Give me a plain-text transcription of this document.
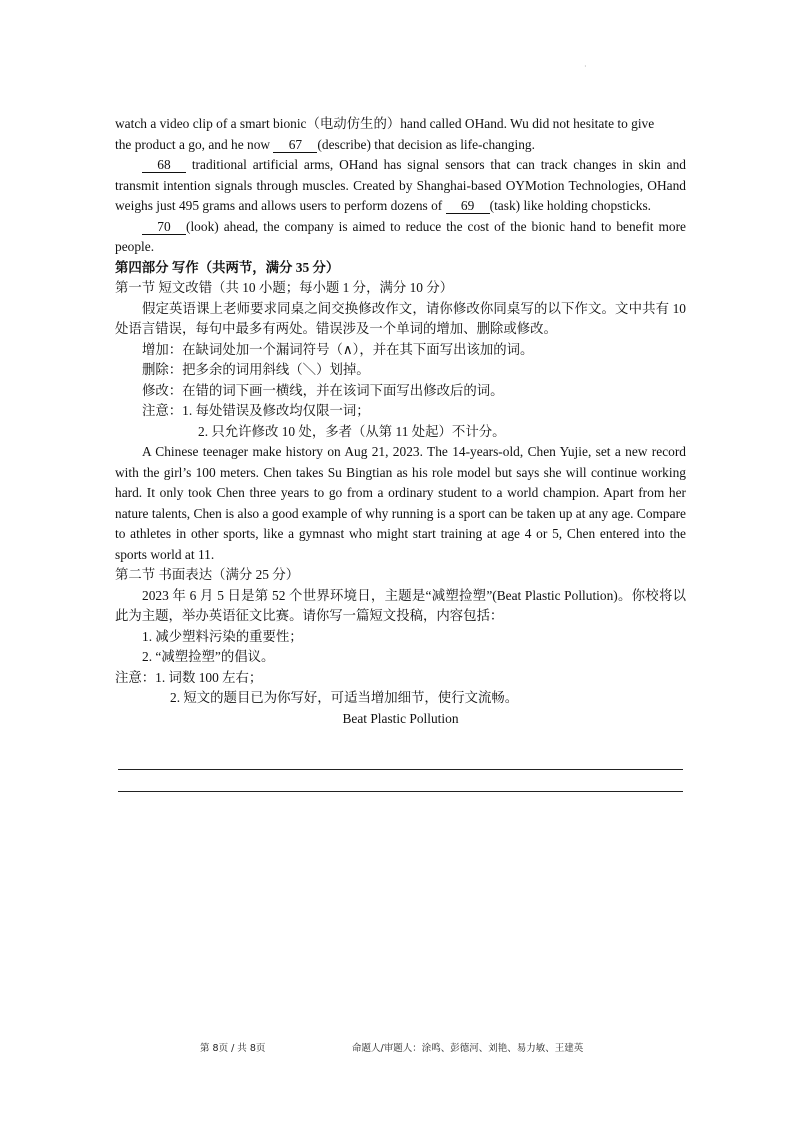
·

watch a video clip of a smart bionic（电动仿生的）hand called OHand. Wu did not hesitate to give

the product a go, and he now 67 (describe) that decision as life-changing.

68 traditional artificial arms, OHand has signal sensors that can track changes in skin and transmit intention signals through muscles. Created by Shanghai-based OYMotion Technologies, OHand weighs just 495 grams and allows users to perform dozens of 69 (task) like holding chopsticks.

70 (look) ahead, the company is aimed to reduce the cost of the bionic hand to benefit more people.

第四部分 写作（共两节，满分 35 分）

第一节 短文改错（共 10 小题；每小题 1 分，满分 10 分）

假定英语课上老师要求同桌之间交换修改作文，请你修改你同桌写的以下作文。文中共有 10 处语言错误，每句中最多有两处。错误涉及一个单词的增加、删除或修改。

增加：在缺词处加一个漏词符号（∧），并在其下面写出该加的词。

删除：把多余的词用斜线（＼）划掉。

修改：在错的词下画一横线，并在该词下面写出修改后的词。

注意：1. 每处错误及修改均仅限一词；

2. 只允许修改 10 处，多者（从第 11 处起）不计分。

A Chinese teenager make history on Aug 21, 2023. The 14-years-old, Chen Yujie, set a new record with the girl’s 100 meters. Chen takes Su Bingtian as his role model but says she will continue working hard. It only took Chen three years to go from a ordinary student to a world champion. Apart from her nature talents, Chen is also a good example of why running is a sport can be taken up at any age. Compare to athletes in other sports, like a gymnast who might start training at age 4 or 5, Chen entered into the sports world at 11.

第二节 书面表达（满分 25 分）

2023 年 6 月 5 日是第 52 个世界环境日，主题是“减塑捡塑”(Beat Plastic Pollution)。你校将以此为主题，举办英语征文比赛。请你写一篇短文投稿，内容包括：

1. 减少塑料污染的重要性；

2. “减塑捡塑”的倡议。

注意：1. 词数 100 左右；

2. 短文的题目已为你写好，可适当增加细节，使行文流畅。

Beat Plastic Pollution

第 8页 / 共 8页	命题人/审题人：涂鸣、彭德河、刘艳、易力敏、王建英
